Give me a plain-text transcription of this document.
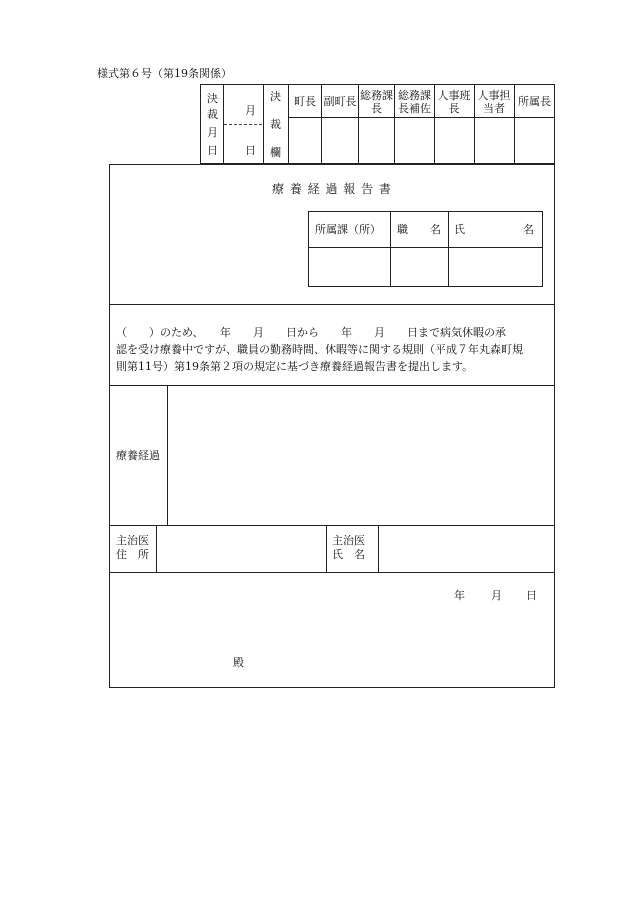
様式第６号（第19条関係）
決
裁
月
日
月
日
決
裁
欄
町長 副町長 総務課長
総務課長補佐
人事班長
人事担当者
所属長
療 養 経 過 報 告 書
所属課（所） 職名 氏名
（　　）のため、　　年　　月　　日から　　年　　月　　日まで病気休暇の承
認を受け療養中ですが、職員の勤務時間、休暇等に関する規則（平成７年丸森町規
則第11号）第19条第２項の規定に基づき療養経過報告書を提出します。
療養経過
主治医
住　所
主治医
氏　名
年 月 日
殿
